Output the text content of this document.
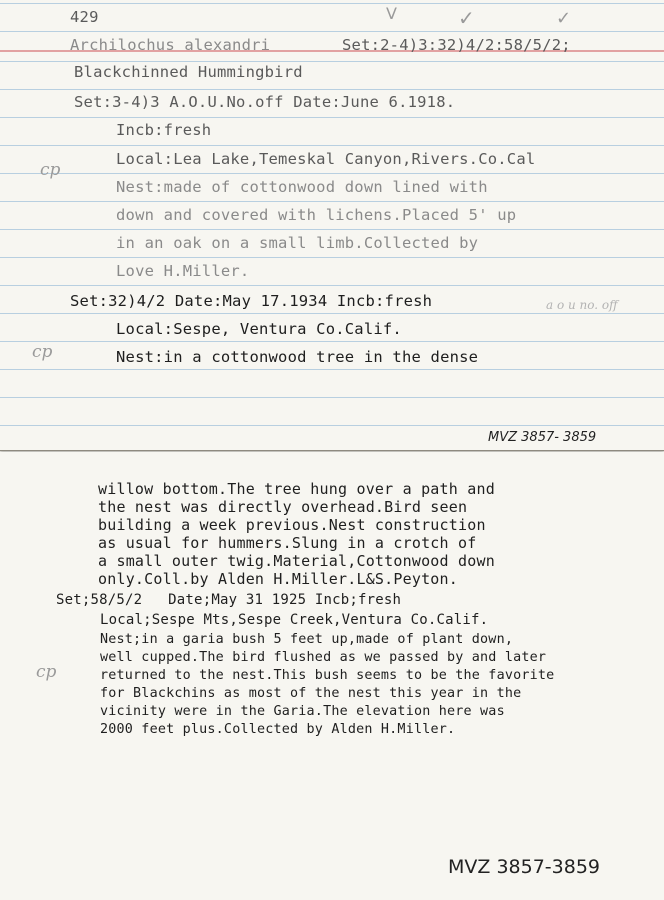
429	V	✓	✓
Archilochus alexandri	Set:2-4)3:32)4/2:58/5/2;
Blackchinned Hummingbird
Set:3-4)3 A.O.U.No.off Date:June 6.1918.
Incb:fresh
cp
Local:Lea Lake,Temeskal Canyon,Rivers.Co.Cal
Nest:made of cottonwood down lined with
down and covered with lichens.Placed 5' up
in an oak on a small limb.Collected by
Love H.Miller.
Set:32)4/2 Date:May 17.1934 Incb:fresh	a o u no. off
cp
Local:Sespe, Ventura Co.Calif.
Nest:in a cottonwood tree in the dense
MVZ 3857- 3859
willow bottom.The tree hung over a path and
the nest was directly overhead.Bird seen
building a week previous.Nest construction
as usual for hummers.Slung in a crotch of
a small outer twig.Material,Cottonwood down
only.Coll.by Alden H.Miller.L&S.Peyton.
Set;58/5/2   Date;May 31 1925 Incb;fresh
Local;Sespe Mts,Sespe Creek,Ventura Co.Calif.
cp
Nest;in a garia bush 5 feet up,made of plant down,
well cupped.The bird flushed as we passed by and later
returned to the nest.This bush seems to be the favorite
for Blackchins as most of the nest this year in the
vicinity were in the Garia.The elevation here was
2000 feet plus.Collected by Alden H.Miller.
MVZ 3857-3859
